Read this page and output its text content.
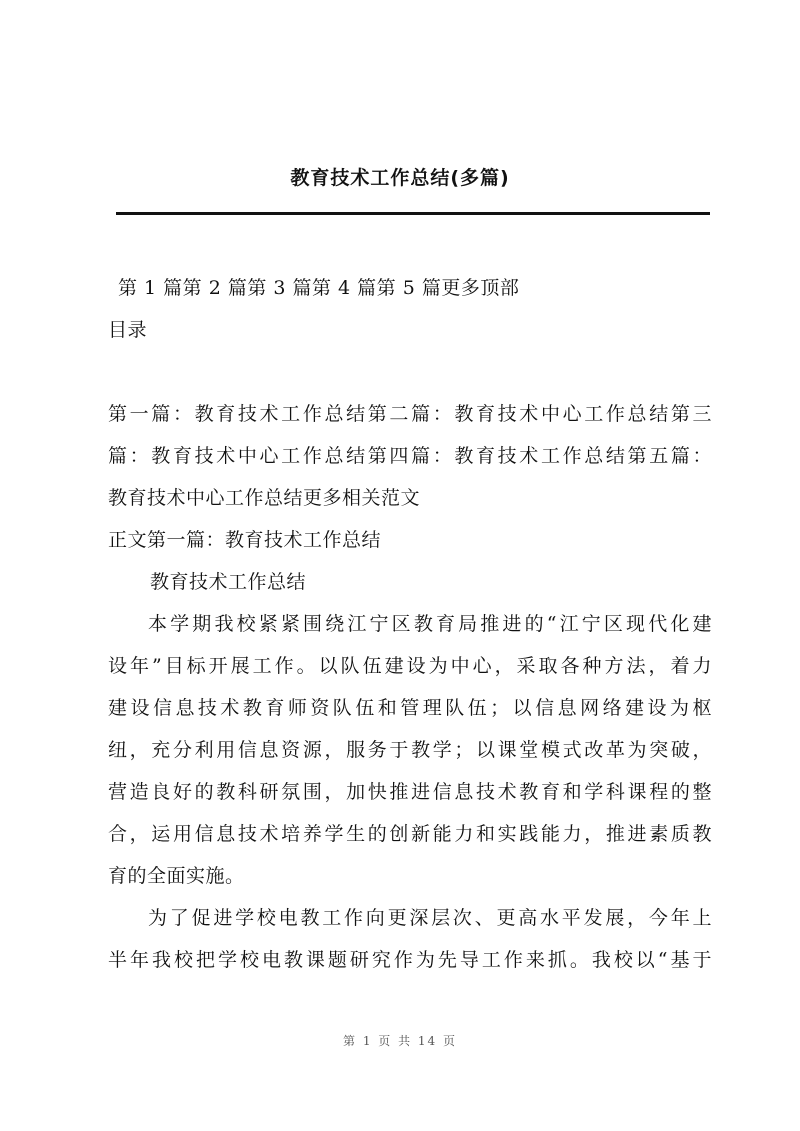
教育技术工作总结(多篇)
第 1 篇第 2 篇第 3 篇第 4 篇第 5 篇更多顶部
目录
第一篇：教育技术工作总结第二篇：教育技术中心工作总结第三
篇：教育技术中心工作总结第四篇：教育技术工作总结第五篇：
教育技术中心工作总结更多相关范文
正文第一篇：教育技术工作总结
教育技术工作总结
本学期我校紧紧围绕江宁区教育局推进的“江宁区现代化建
设年”目标开展工作。以队伍建设为中心，采取各种方法，着力
建设信息技术教育师资队伍和管理队伍；以信息网络建设为枢
纽，充分利用信息资源，服务于教学；以课堂模式改革为突破，
营造良好的教科研氛围，加快推进信息技术教育和学科课程的整
合，运用信息技术培养学生的创新能力和实践能力，推进素质教
育的全面实施。
为了促进学校电教工作向更深层次、更高水平发展，今年上
半年我校把学校电教课题研究作为先导工作来抓。我校以“基于
第 1 页 共 14 页
